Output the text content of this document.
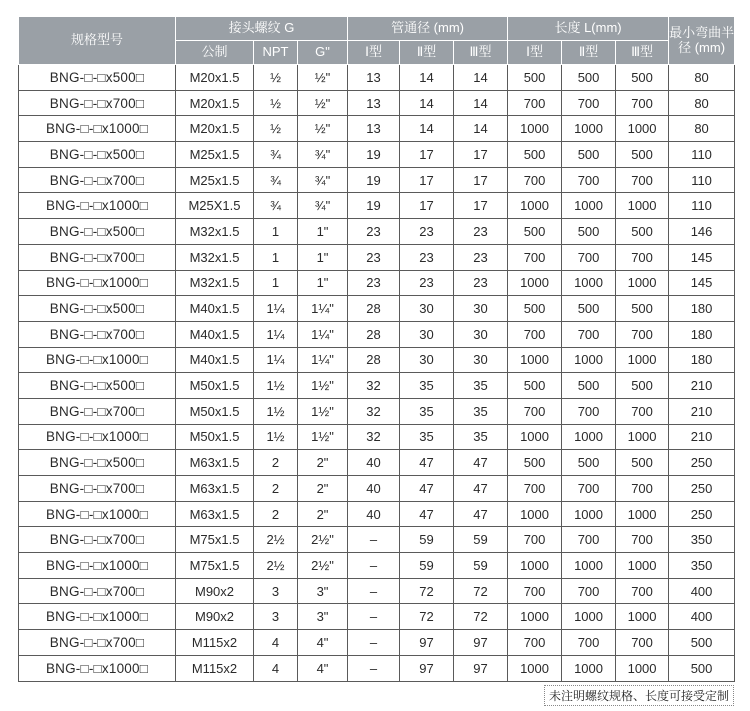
规格型号	接头螺纹 G			管通径 (mm)			长度 L(mm)			最小弯曲半径 (mm)
	公制	NPT	G"	Ⅰ型	Ⅱ型	Ⅲ型	Ⅰ型	Ⅱ型	Ⅲ型	
BNG-□-□x500□	M20x1.5	½	½"	13	14	14	500	500	500	80
BNG-□-□x700□	M20x1.5	½	½"	13	14	14	700	700	700	80
BNG-□-□x1000□	M20x1.5	½	½"	13	14	14	1000	1000	1000	80
BNG-□-□x500□	M25x1.5	¾	¾"	19	17	17	500	500	500	110
BNG-□-□x700□	M25x1.5	¾	¾"	19	17	17	700	700	700	110
BNG-□-□x1000□	M25X1.5	¾	¾"	19	17	17	1000	1000	1000	110
BNG-□-□x500□	M32x1.5	1	1"	23	23	23	500	500	500	146
BNG-□-□x700□	M32x1.5	1	1"	23	23	23	700	700	700	145
BNG-□-□x1000□	M32x1.5	1	1"	23	23	23	1000	1000	1000	145
BNG-□-□x500□	M40x1.5	1¼	1¼"	28	30	30	500	500	500	180
BNG-□-□x700□	M40x1.5	1¼	1¼"	28	30	30	700	700	700	180
BNG-□-□x1000□	M40x1.5	1¼	1¼"	28	30	30	1000	1000	1000	180
BNG-□-□x500□	M50x1.5	1½	1½"	32	35	35	500	500	500	210
BNG-□-□x700□	M50x1.5	1½	1½"	32	35	35	700	700	700	210
BNG-□-□x1000□	M50x1.5	1½	1½"	32	35	35	1000	1000	1000	210
BNG-□-□x500□	M63x1.5	2	2"	40	47	47	500	500	500	250
BNG-□-□x700□	M63x1.5	2	2"	40	47	47	700	700	700	250
BNG-□-□x1000□	M63x1.5	2	2"	40	47	47	1000	1000	1000	250
BNG-□-□x700□	M75x1.5	2½	2½"	–	59	59	700	700	700	350
BNG-□-□x1000□	M75x1.5	2½	2½"	–	59	59	1000	1000	1000	350
BNG-□-□x700□	M90x2	3	3"	–	72	72	700	700	700	400
BNG-□-□x1000□	M90x2	3	3"	–	72	72	1000	1000	1000	400
BNG-□-□x700□	M115x2	4	4"	–	97	97	700	700	700	500
BNG-□-□x1000□	M115x2	4	4"	–	97	97	1000	1000	1000	500
未注明螺纹规格、长度可接受定制
